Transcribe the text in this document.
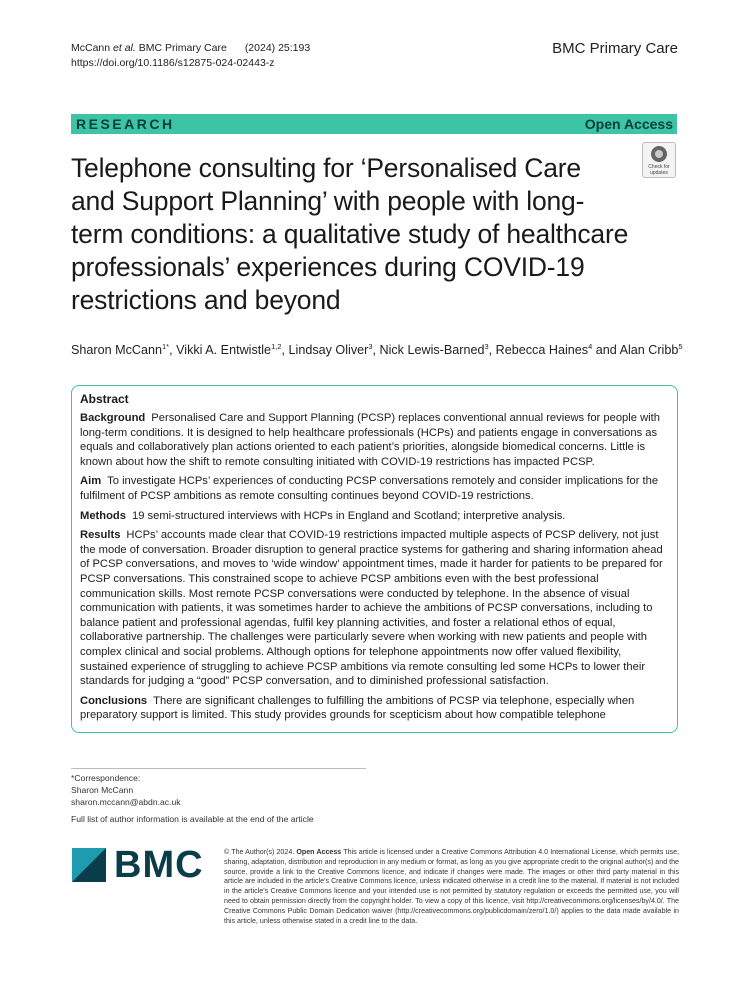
McCann et al. BMC Primary Care (2024) 25:193
https://doi.org/10.1186/s12875-024-02443-z
BMC Primary Care
RESEARCH	Open Access
Check for
updates
Telephone consulting for ‘Personalised Care and Support Planning’ with people with long-term conditions: a qualitative study of healthcare professionals’ experiences during COVID-19 restrictions and beyond
Sharon McCann$^{1*}$, Vikki A. Entwistle$^{1,2}$, Lindsay Oliver$^3$, Nick Lewis-Barned$^3$, Rebecca Haines$^4$ and Alan Cribb$^5$
Abstract

Background Personalised Care and Support Planning (PCSP) replaces conventional annual reviews for people with long-term conditions. It is designed to help healthcare professionals (HCPs) and patients engage in conversations as equals and collaboratively plan actions oriented to each patient’s priorities, alongside biomedical concerns. Little is known about how the shift to remote consulting initiated with COVID-19 restrictions has impacted PCSP.

Aim To investigate HCPs’ experiences of conducting PCSP conversations remotely and consider implications for the fulfilment of PCSP ambitions as remote consulting continues beyond COVID-19 restrictions.

Methods 19 semi-structured interviews with HCPs in England and Scotland; interpretive analysis.

Results HCPs’ accounts made clear that COVID-19 restrictions impacted multiple aspects of PCSP delivery, not just the mode of conversation. Broader disruption to general practice systems for gathering and sharing information ahead of PCSP conversations, and moves to ‘wide window’ appointment times, made it harder for patients to be prepared for PCSP conversations. This constrained scope to achieve PCSP ambitions even with the best professional communication skills. Most remote PCSP conversations were conducted by telephone. In the absence of visual communication with patients, it was sometimes harder to achieve the ambitions of PCSP conversations, including to balance patient and professional agendas, fulfil key planning activities, and foster a relational ethos of equal, collaborative partnership. The challenges were particularly severe when working with new patients and people with complex clinical and social problems. Although options for telephone appointments now offer valued flexibility, sustained experience of struggling to achieve PCSP ambitions via remote consulting led some HCPs to lower their standards for judging a “good” PCSP conversation, and to diminished professional satisfaction.

Conclusions There are significant challenges to fulfilling the ambitions of PCSP via telephone, especially when preparatory support is limited. This study provides grounds for scepticism about how compatible telephone

*Correspondence:
Sharon McCann
sharon.mccann@abdn.ac.uk
Full list of author information is available at the end of the article
BMC	© The Author(s) 2024. Open Access This article is licensed under a Creative Commons Attribution 4.0 International License, which permits use, sharing, adaptation, distribution and reproduction in any medium or format, as long as you give appropriate credit to the original author(s) and the source, provide a link to the Creative Commons licence, and indicate if changes were made. The images or other third party material in this article are included in the article’s Creative Commons licence, unless indicated otherwise in a credit line to the material. If material is not included in the article’s Creative Commons licence and your intended use is not permitted by statutory regulation or exceeds the permitted use, you will need to obtain permission directly from the copyright holder. To view a copy of this licence, visit http://creativecommons.org/licenses/by/4.0/. The Creative Commons Public Domain Dedication waiver (http://creativecommons.org/publicdomain/zero/1.0/) applies to the data made available in this article, unless otherwise stated in a credit line to the data.
